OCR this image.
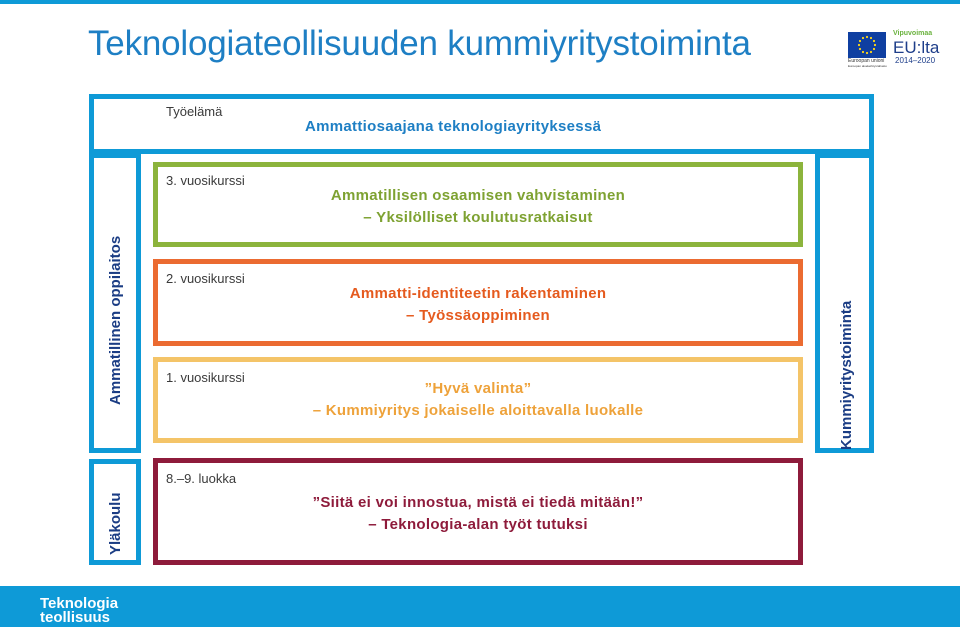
Teknologiateollisuuden kummiyritystoiminta	Euroopan unioni
Euroopan aluekehitysrahasto
Vipuvoimaa
EU:lta
2014–2020
Työelämä
Ammattiosaajana teknologiayrityksessä
Ammatillinen oppilaitos	Kummiyritystoiminta
Yläkoulu
3. vuosikurssi
Ammatillisen osaamisen vahvistaminen
– Yksilölliset koulutusratkaisut
2. vuosikurssi
Ammatti-identiteetin rakentaminen
– Työssäoppiminen
1. vuosikurssi
”Hyvä valinta”
– Kummiyritys jokaiselle aloittavalla luokalle
8.–9. luokka
”Siitä ei voi innostua, mistä ei tiedä mitään!”
– Teknologia-alan työt tutuksi
Teknologia
teollisuus
